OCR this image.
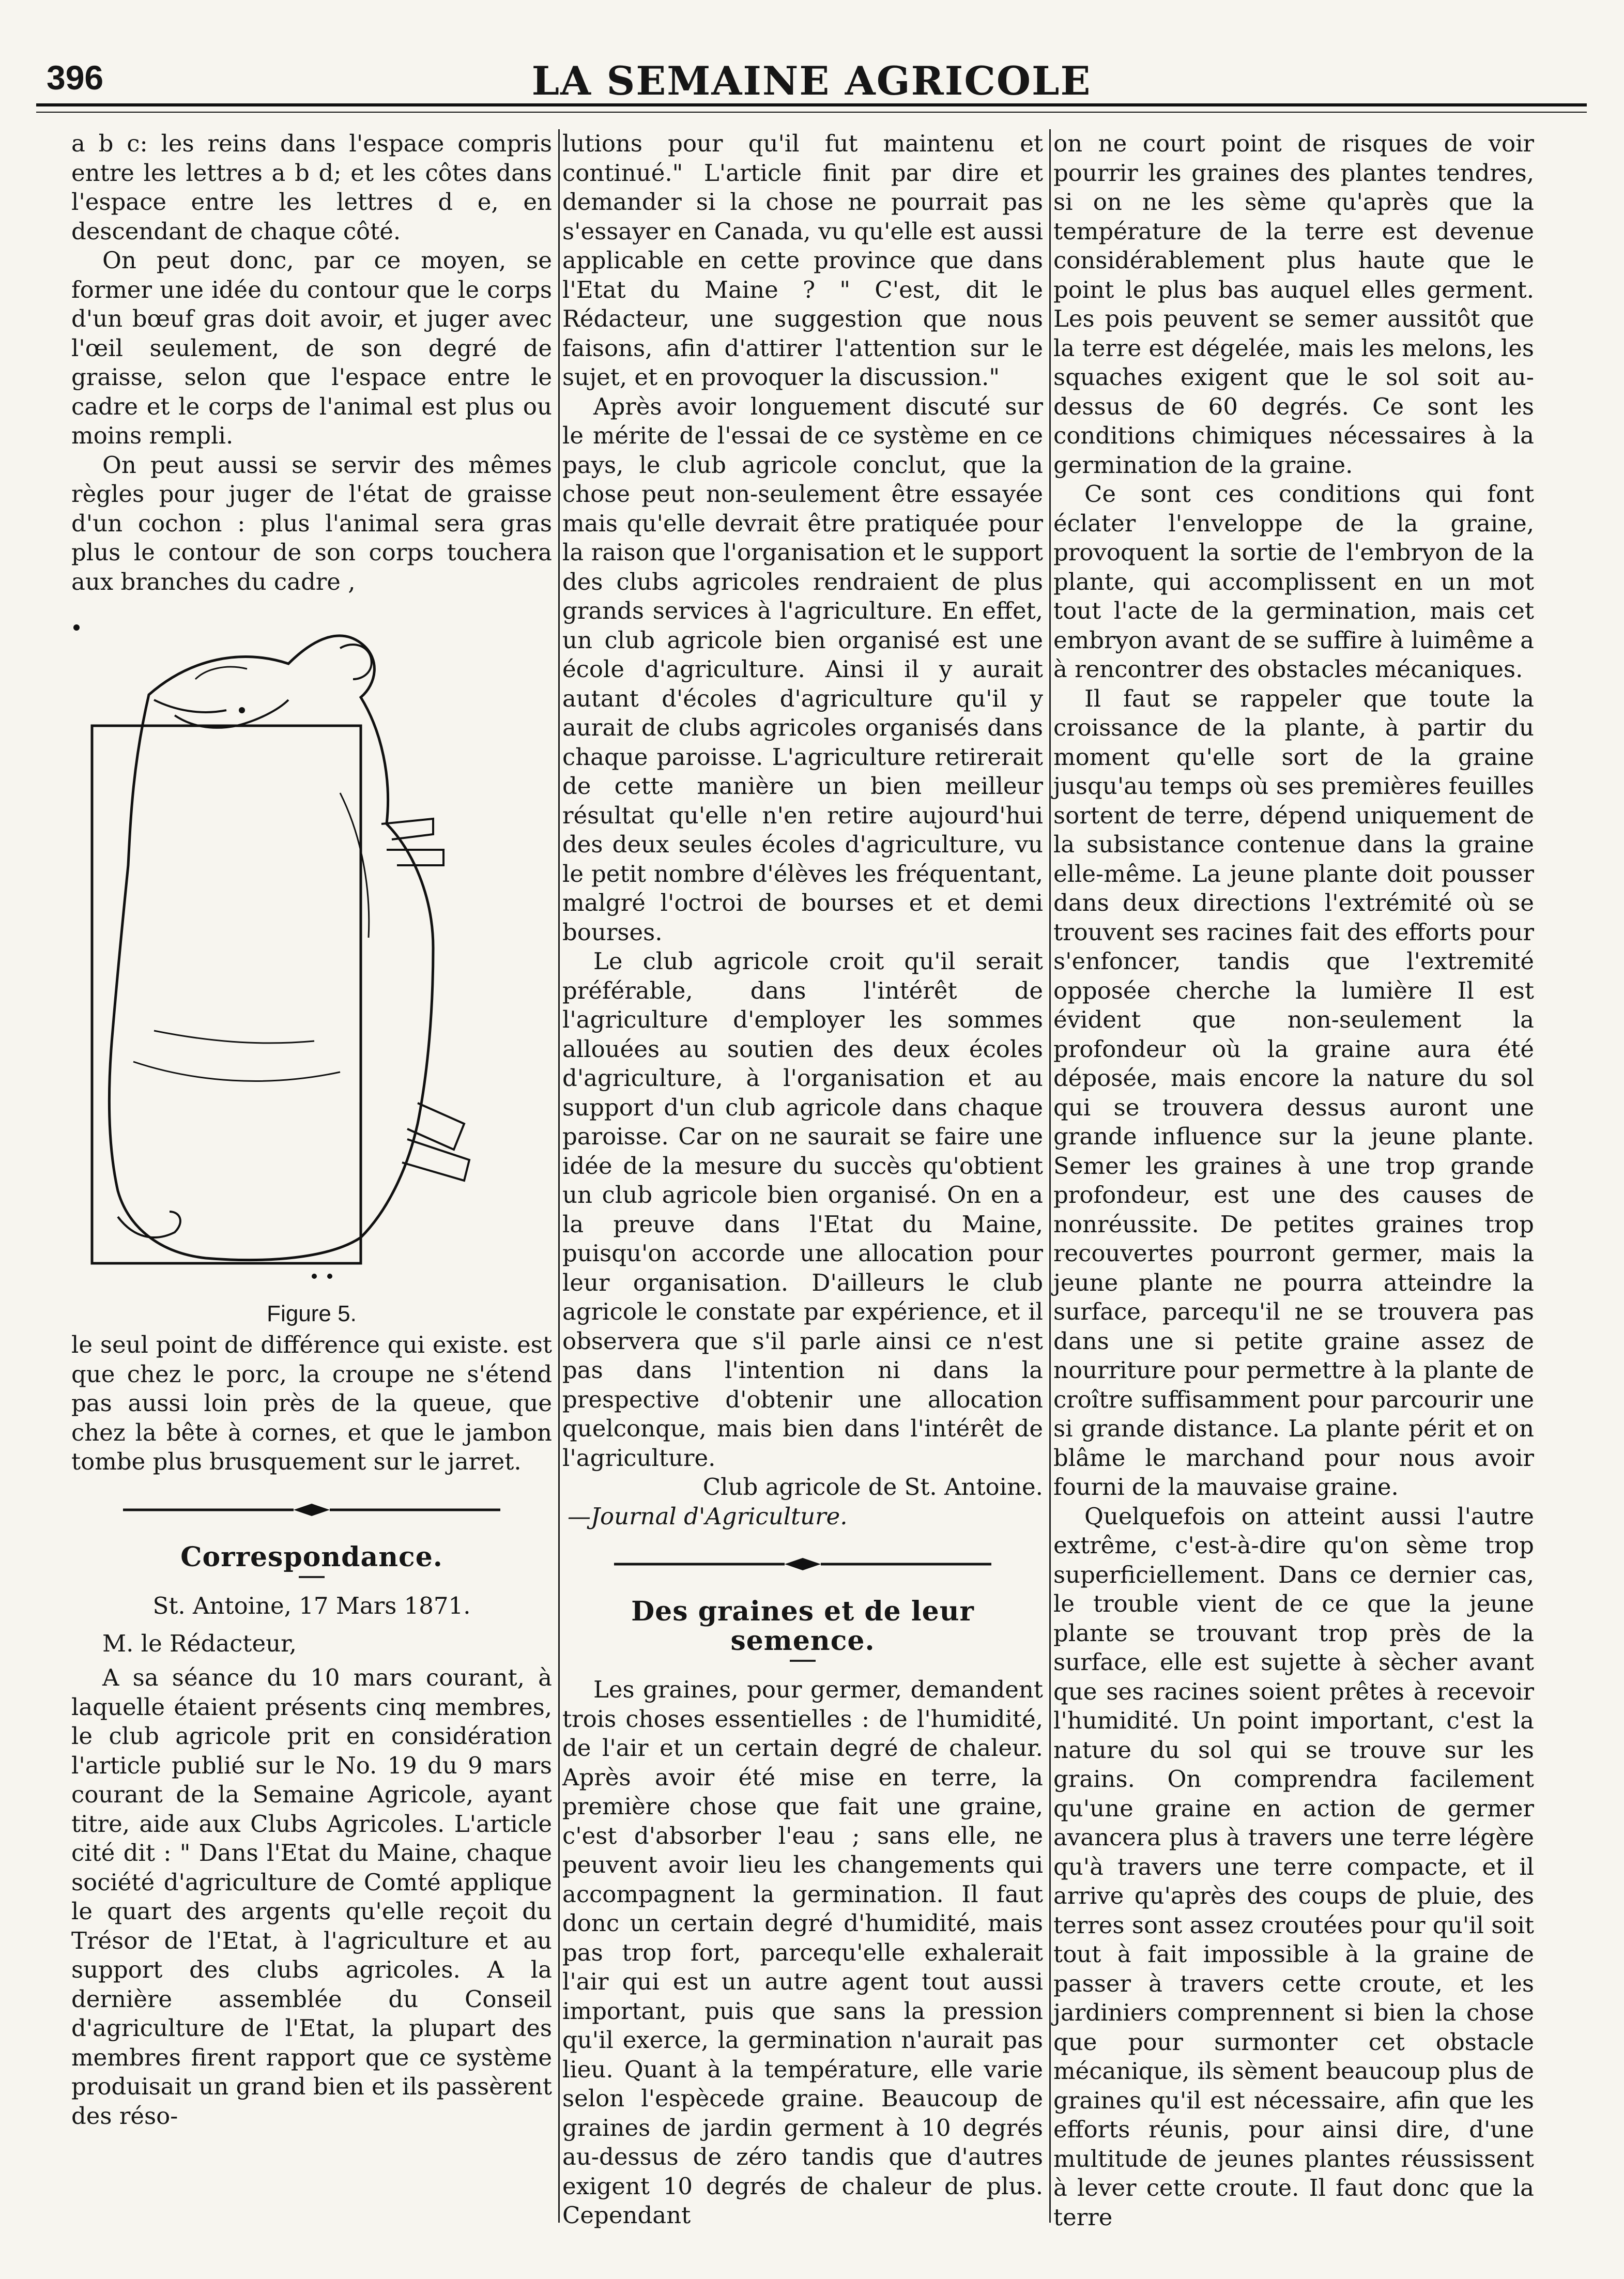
396	LA SEMAINE AGRICOLE

a b c: les reins dans l'espace compris entre les lettres a b d; et les côtes dans l'espace entre les lettres d e, en descendant de chaque côté.

On peut donc, par ce moyen, se former une idée du contour que le corps d'un bœuf gras doit avoir, et juger avec l'œil seulement, de son degré de graisse, selon que l'espace entre le cadre et le corps de l'animal est plus ou moins rempli.

On peut aussi se servir des mêmes règles pour juger de l'état de graisse d'un cochon : plus l'animal sera gras plus le contour de son corps touchera aux branches du cadre ,

Figure 5.

le seul point de différence qui existe. est que chez le porc, la croupe ne s'étend pas aussi loin près de la queue, que chez la bête à cornes, et que le jambon tombe plus brusquement sur le jarret.

Correspondance.
St. Antoine, 17 Mars 1871.
M. le Rédacteur,

A sa séance du 10 mars courant, à laquelle étaient présents cinq membres, le club agricole prit en considération l'article publié sur le No. 19 du 9 mars courant de la Semaine Agricole, ayant titre, aide aux Clubs Agricoles. L'article cité dit : " Dans l'Etat du Maine, chaque société d'agriculture de Comté applique le quart des argents qu'elle reçoit du Trésor de l'Etat, à l'agriculture et au support des clubs agricoles. A la dernière assemblée du Conseil d'agriculture de l'Etat, la plupart des membres firent rapport que ce système produisait un grand bien et ils passèrent des réso-

lutions pour qu'il fut maintenu et continué." L'article finit par dire et demander si la chose ne pourrait pas s'essayer en Canada, vu qu'elle est aussi applicable en cette province que dans l'Etat du Maine ? " C'est, dit le Rédacteur, une suggestion que nous faisons, afin d'attirer l'attention sur le sujet, et en provoquer la discussion."

Après avoir longuement discuté sur le mérite de l'essai de ce système en ce pays, le club agricole conclut, que la chose peut non-seulement être essayée mais qu'elle devrait être pratiquée pour la raison que l'organisation et le support des clubs agricoles rendraient de plus grands services à l'agriculture. En effet, un club agricole bien organisé est une école d'agriculture. Ainsi il y aurait autant d'écoles d'agriculture qu'il y aurait de clubs agricoles organisés dans chaque paroisse. L'agriculture retirerait de cette manière un bien meilleur résultat qu'elle n'en retire aujourd'hui des deux seules écoles d'agriculture, vu le petit nombre d'élèves les fréquentant, malgré l'octroi de bourses et et demi bourses.

Le club agricole croit qu'il serait préférable, dans l'intérêt de l'agriculture d'employer les sommes allouées au soutien des deux écoles d'agriculture, à l'organisation et au support d'un club agricole dans chaque paroisse. Car on ne saurait se faire une idée de la mesure du succès qu'obtient un club agricole bien organisé. On en a la preuve dans l'Etat du Maine, puisqu'on accorde une allocation pour leur organisation. D'ailleurs le club agricole le constate par expérience, et il observera que s'il parle ainsi ce n'est pas dans l'intention ni dans la prespective d'obtenir une allocation quelconque, mais bien dans l'intérêt de l'agriculture.

Club agricole de St. Antoine.
—Journal d'Agriculture.
Des graines et de leur semence.

Les graines, pour germer, demandent trois choses essentielles : de l'humidité, de l'air et un certain degré de chaleur. Après avoir été mise en terre, la première chose que fait une graine, c'est d'absorber l'eau ; sans elle, ne peuvent avoir lieu les changements qui accompagnent la germination. Il faut donc un certain degré d'humidité, mais pas trop fort, parcequ'elle exhalerait l'air qui est un autre agent tout aussi important, puis que sans la pression qu'il exerce, la germination n'aurait pas lieu. Quant à la température, elle varie selon l'espècede graine. Beaucoup de graines de jardin germent à 10 degrés au-dessus de zéro tandis que d'autres exigent 10 degrés de chaleur de plus. Cependant

on ne court point de risques de voir pourrir les graines des plantes tendres, si on ne les sème qu'après que la température de la terre est devenue considérablement plus haute que le point le plus bas auquel elles germent. Les pois peuvent se semer aussitôt que la terre est dégelée, mais les melons, les squaches exigent que le sol soit au-dessus de 60 degrés. Ce sont les conditions chimiques nécessaires à la germination de la graine.

Ce sont ces conditions qui font éclater l'enveloppe de la graine, provoquent la sortie de l'embryon de la plante, qui accomplissent en un mot tout l'acte de la germination, mais cet embryon avant de se suffire à luimême a à rencontrer des obstacles mécaniques.

Il faut se rappeler que toute la croissance de la plante, à partir du moment qu'elle sort de la graine jusqu'au temps où ses premières feuilles sortent de terre, dépend uniquement de la subsistance contenue dans la graine elle-même. La jeune plante doit pousser dans deux directions l'extrémité où se trouvent ses racines fait des efforts pour s'enfoncer, tandis que l'extremité opposée cherche la lumière Il est évident que non-seulement la profondeur où la graine aura été déposée, mais encore la nature du sol qui se trouvera dessus auront une grande influence sur la jeune plante. Semer les graines à une trop grande profondeur, est une des causes de nonréussite. De petites graines trop recouvertes pourront germer, mais la jeune plante ne pourra atteindre la surface, parcequ'il ne se trouvera pas dans une si petite graine assez de nourriture pour permettre à la plante de croître suffisamment pour parcourir une si grande distance. La plante périt et on blâme le marchand pour nous avoir fourni de la mauvaise graine.

Quelquefois on atteint aussi l'autre extrême, c'est-à-dire qu'on sème trop superficiellement. Dans ce dernier cas, le trouble vient de ce que la jeune plante se trouvant trop près de la surface, elle est sujette à sècher avant que ses racines soient prêtes à recevoir l'humidité. Un point important, c'est la nature du sol qui se trouve sur les grains. On comprendra facilement qu'une graine en action de germer avancera plus à travers une terre légère qu'à travers une terre compacte, et il arrive qu'après des coups de pluie, des terres sont assez croutées pour qu'il soit tout à fait impossible à la graine de passer à travers cette croute, et les jardiniers comprennent si bien la chose que pour surmonter cet obstacle mécanique, ils sèment beaucoup plus de graines qu'il est nécessaire, afin que les efforts réunis, pour ainsi dire, d'une multitude de jeunes plantes réussissent à lever cette croute. Il faut donc que la terre
